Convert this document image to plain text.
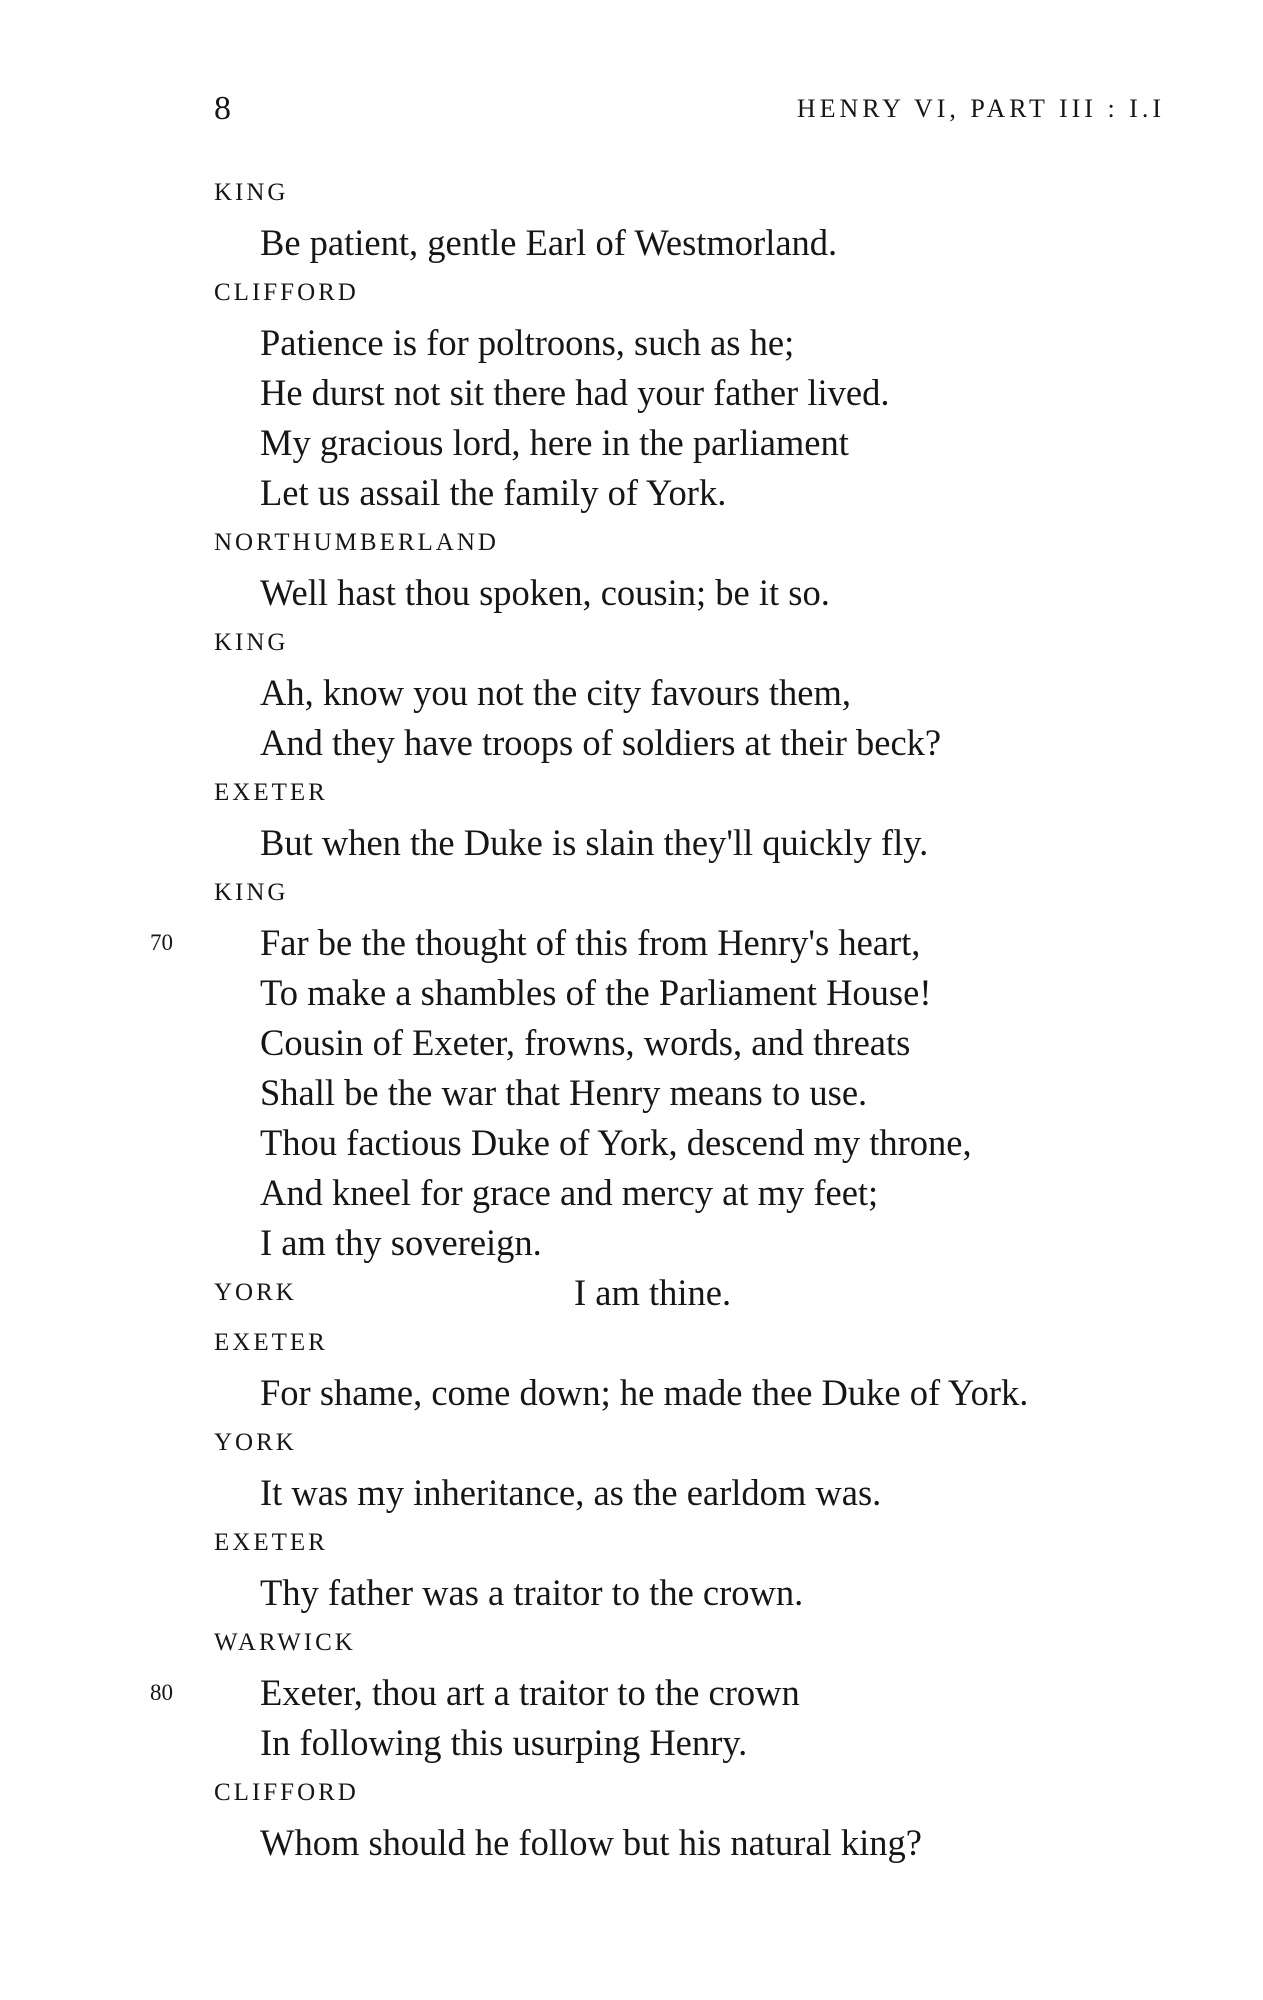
8	HENRY VI, PART III : I.I
KING
Be patient, gentle Earl of Westmorland.
CLIFFORD
Patience is for poltroons, such as he;
He durst not sit there had your father lived.
My gracious lord, here in the parliament
Let us assail the family of York.
NORTHUMBERLAND
Well hast thou spoken, cousin; be it so.
KING
Ah, know you not the city favours them,
And they have troops of soldiers at their beck?
EXETER
But when the Duke is slain they'll quickly fly.
KING
70 Far be the thought of this from Henry's heart,
To make a shambles of the Parliament House!
Cousin of Exeter, frowns, words, and threats
Shall be the war that Henry means to use.
Thou factious Duke of York, descend my throne,
And kneel for grace and mercy at my feet;
I am thy sovereign.
YORK	I am thine.
EXETER
For shame, come down; he made thee Duke of York.
YORK
It was my inheritance, as the earldom was.
EXETER
Thy father was a traitor to the crown.
WARWICK
80 Exeter, thou art a traitor to the crown
In following this usurping Henry.
CLIFFORD
Whom should he follow but his natural king?
